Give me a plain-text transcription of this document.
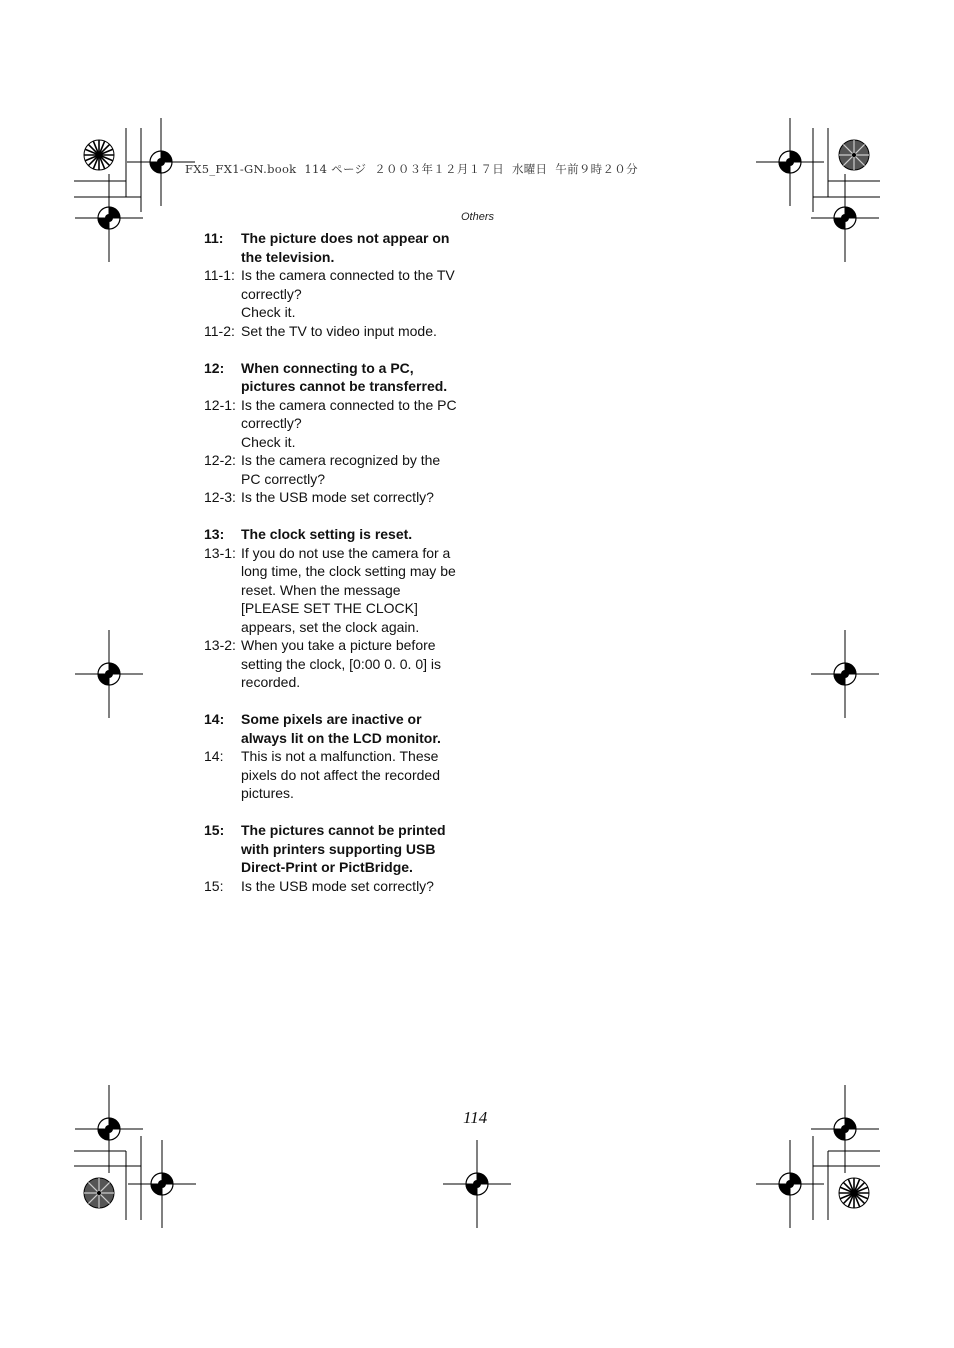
FX5_FX1-GN.book  114 ページ  ２００３年１２月１７日  水曜日  午前９時２０分
Others
11:	The picture does not appear on
the television.
11-1: Is the camera connected to the TV
correctly?
Check it.
11-2: Set the TV to video input mode.
12:	When connecting to a PC,
pictures cannot be transferred.
12-1: Is the camera connected to the PC
correctly?
Check it.
12-2: Is the camera recognized by the
PC correctly?
12-3: Is the USB mode set correctly?
13:	The clock setting is reset.
13-1: If you do not use the camera for a
long time, the clock setting may be
reset. When the message
[PLEASE SET THE CLOCK]
appears, set the clock again.
13-2: When you take a picture before
setting the clock, [0:00 0. 0. 0] is
recorded.
14:	Some pixels are inactive or
always lit on the LCD monitor.
14:	This is not a malfunction. These
pixels do not affect the recorded
pictures.
15:	The pictures cannot be printed
with printers supporting USB
Direct-Print or PictBridge.
15:	Is the USB mode set correctly?
114
